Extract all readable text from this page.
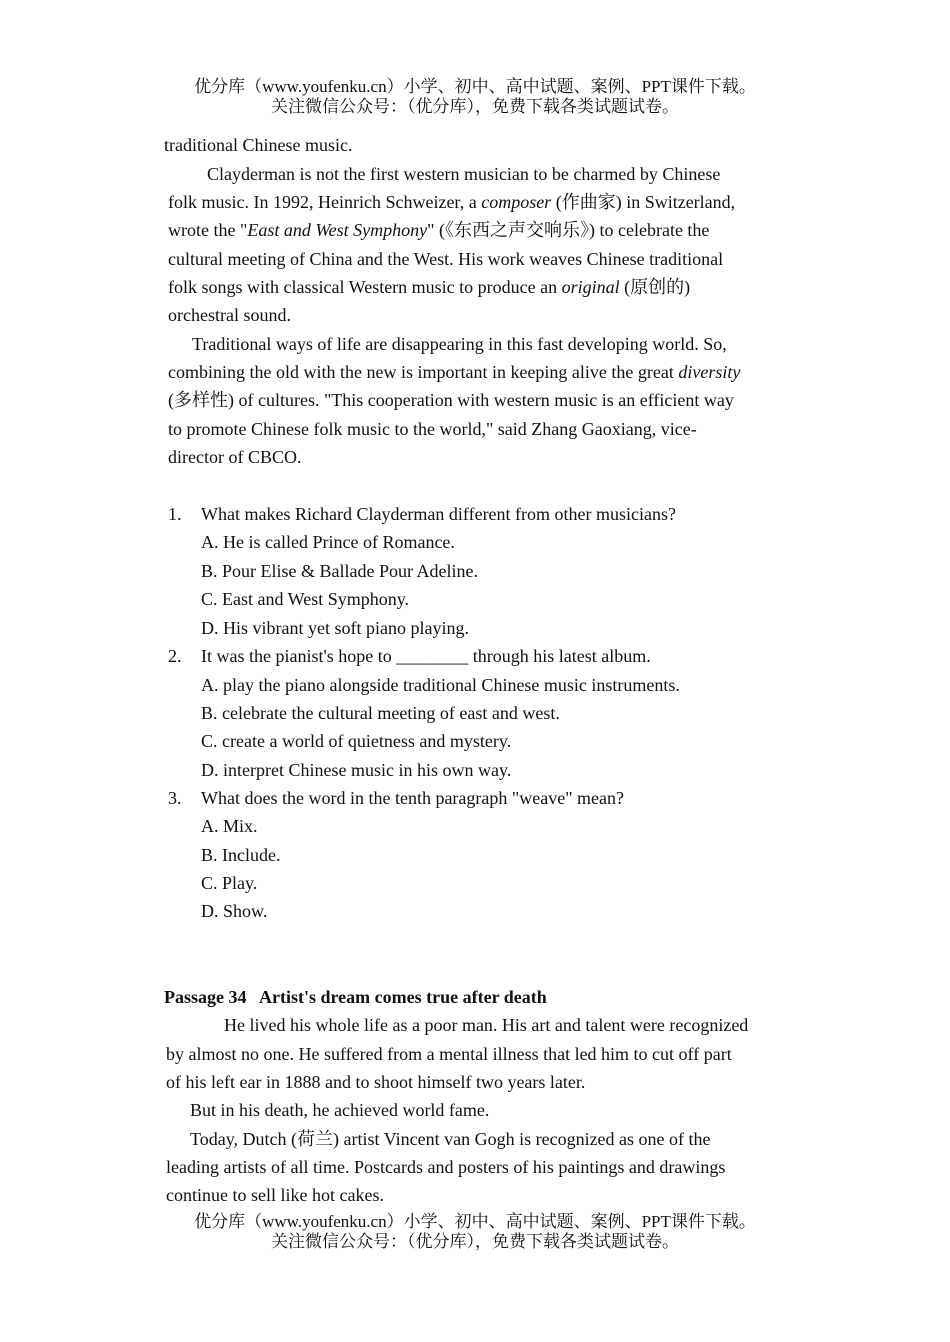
优分库（www.youfenku.cn）小学、初中、高中试题、案例、PPT课件下载。
关注微信公众号：（优分库），免费下载各类试题试卷。
traditional Chinese music.
Clayderman is not the first western musician to be charmed by Chinese
folk music. In 1992, Heinrich Schweizer, a composer (作曲家) in Switzerland,
wrote the "East and West Symphony" (《东西之声交响乐》) to celebrate the
cultural meeting of China and the West. His work weaves Chinese traditional
folk songs with classical Western music to produce an original (原创的)
orchestral sound.
Traditional ways of life are disappearing in this fast developing world. So,
combining the old with the new is important in keeping alive the great diversity
(多样性) of cultures. "This cooperation with western music is an efficient way
to promote Chinese folk music to the world," said Zhang Gaoxiang, vice-
director of CBCO.
1. What makes Richard Clayderman different from other musicians?
A. He is called Prince of Romance.
B. Pour Elise & Ballade Pour Adeline.
C. East and West Symphony.
D. His vibrant yet soft piano playing.
2. It was the pianist's hope to ________ through his latest album.
A. play the piano alongside traditional Chinese music instruments.
B. celebrate the cultural meeting of east and west.
C. create a world of quietness and mystery.
D. interpret Chinese music in his own way.
3. What does the word in the tenth paragraph "weave" mean?
A. Mix.
B. Include.
C. Play.
D. Show.
Passage 34   Artist's dream comes true after death
He lived his whole life as a poor man. His art and talent were recognized
by almost no one. He suffered from a mental illness that led him to cut off part
of his left ear in 1888 and to shoot himself two years later.
But in his death, he achieved world fame.
Today, Dutch (荷兰) artist Vincent van Gogh is recognized as one of the
leading artists of all time. Postcards and posters of his paintings and drawings
continue to sell like hot cakes.
优分库（www.youfenku.cn）小学、初中、高中试题、案例、PPT课件下载。
关注微信公众号：（优分库），免费下载各类试题试卷。
